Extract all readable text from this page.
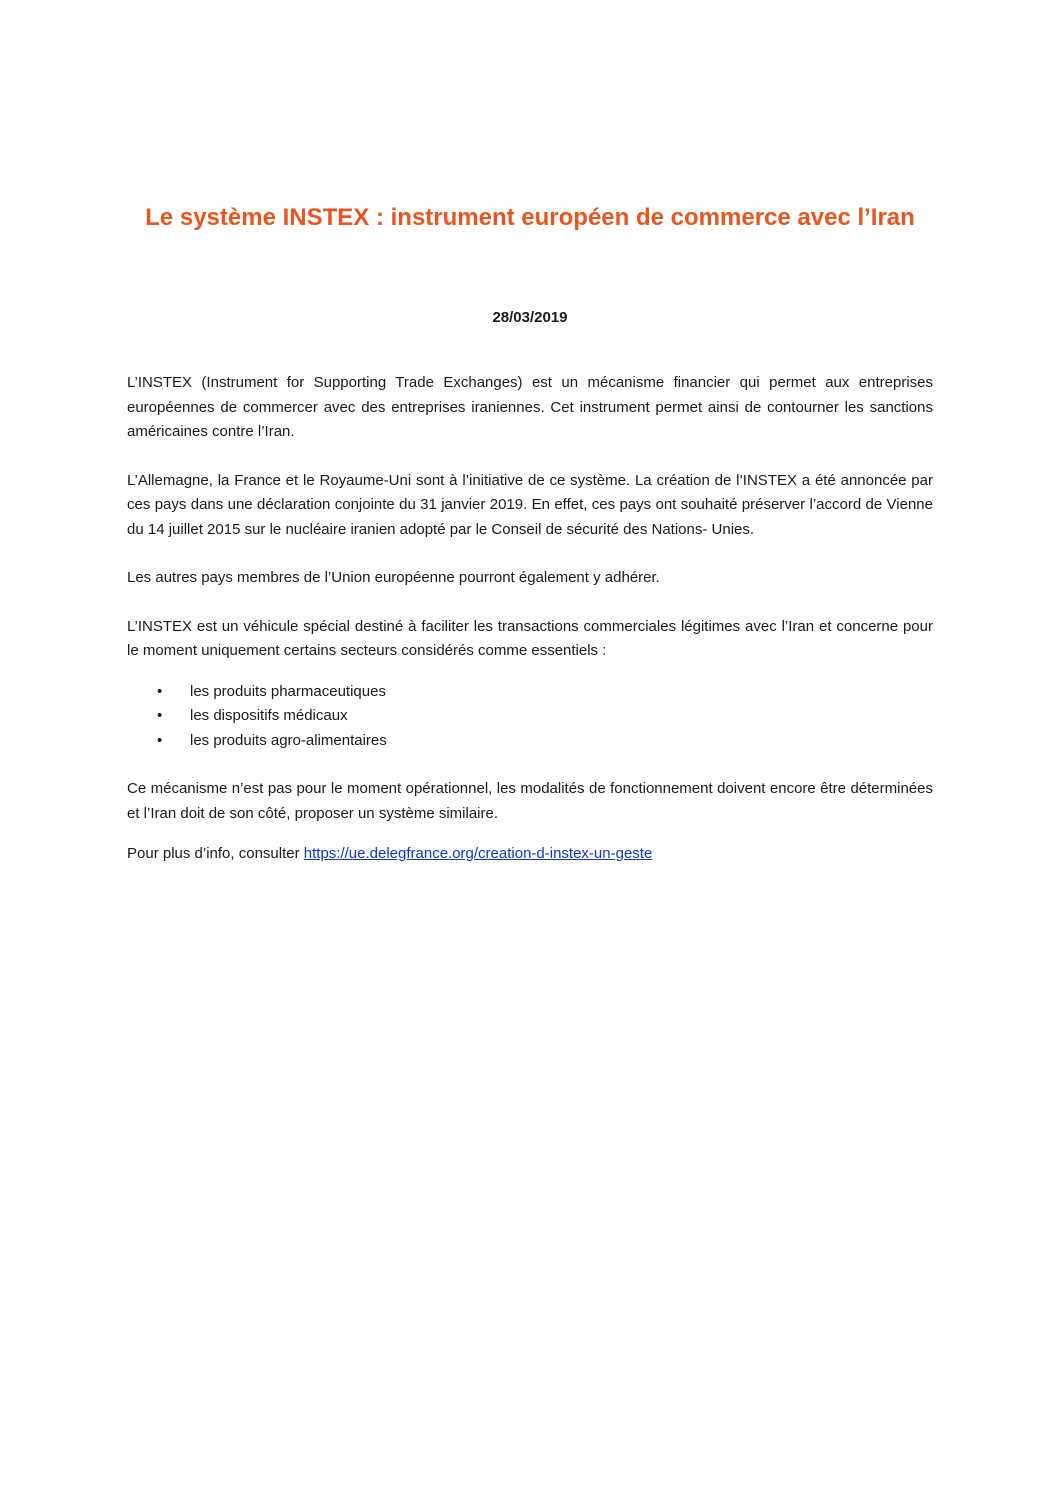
Le système INSTEX : instrument européen de commerce avec l’Iran
28/03/2019

L’INSTEX (Instrument for Supporting Trade Exchanges) est un mécanisme financier qui permet aux entreprises européennes de commercer avec des entreprises iraniennes. Cet instrument permet ainsi de contourner les sanctions américaines contre l’Iran.

L’Allemagne, la France et le Royaume-Uni sont à l’initiative de ce système. La création de l’INSTEX a été annoncée par ces pays dans une déclaration conjointe du 31 janvier 2019. En effet, ces pays ont souhaité préserver l’accord de Vienne du 14 juillet 2015 sur le nucléaire iranien adopté par le Conseil de sécurité des Nations- Unies.

Les autres pays membres de l’Union européenne pourront également y adhérer.

L’INSTEX est un véhicule spécial destiné à faciliter les transactions commerciales légitimes avec l’Iran et concerne pour le moment uniquement certains secteurs considérés comme essentiels :

• les produits pharmaceutiques
• les dispositifs médicaux
• les produits agro-alimentaires

Ce mécanisme n’est pas pour le moment opérationnel, les modalités de fonctionnement doivent encore être déterminées et l’Iran doit de son côté, proposer un système similaire.

Pour plus d’info, consulter https://ue.delegfrance.org/creation-d-instex-un-geste
